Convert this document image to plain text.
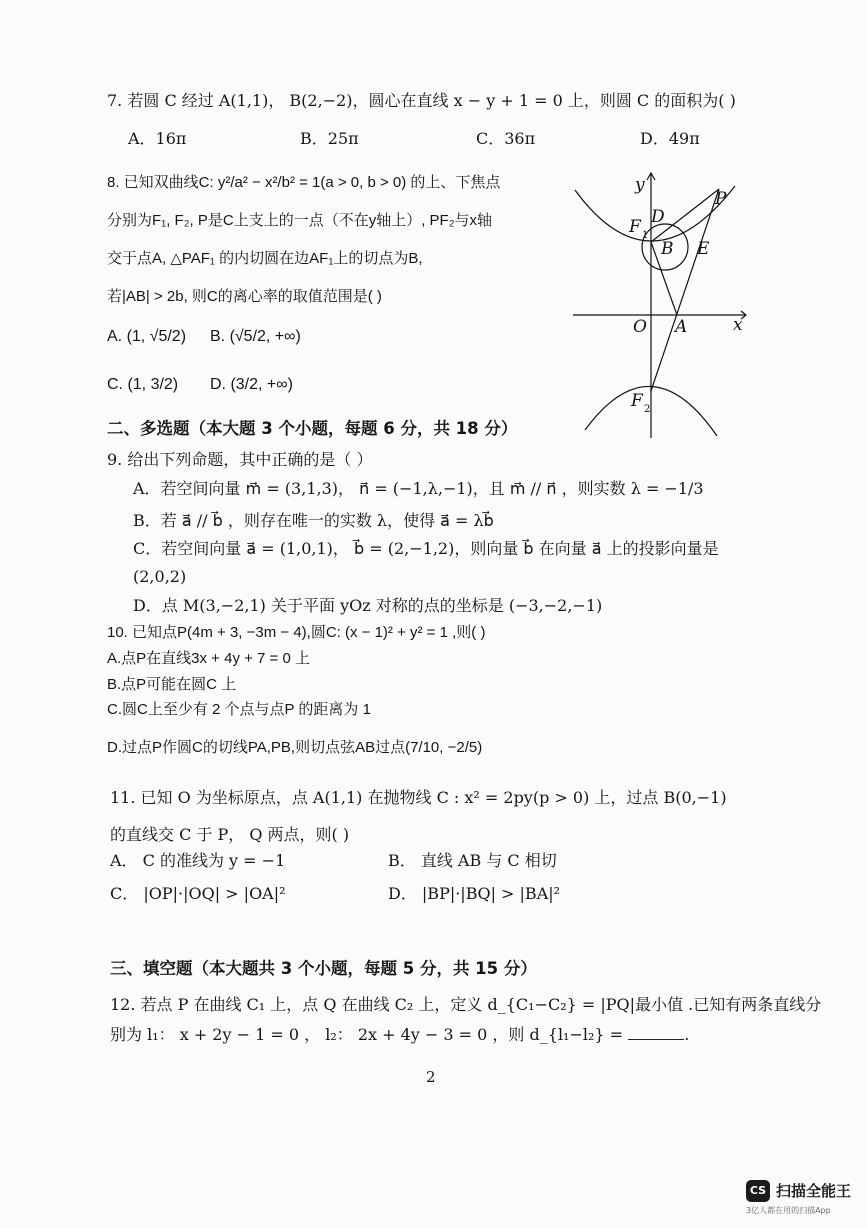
7. 若圆 C 经过 A(1,1)， B(2,−2)，圆心在直线 x − y + 1 = 0 上，则圆 C 的面积为( )
A．16π	B．25π	C．36π	D．49π
8. 已知双曲线C: y²/a² − x²/b² = 1(a > 0, b > 0) 的上、下焦点
分别为F₁, F₂, P是C上支上的一点（不在y轴上）, PF₂与x轴
交于点A, △PAF₁ 的内切圆在边AF₁上的切点为B,
若|AB| > 2b, 则C的离心率的取值范围是( )
A. (1, √5/2) B. (√5/2, +∞)
C. (1, 3/2) D. (3/2, +∞)
y
x
O A
P
D
B E
F 1
F 2
二、多选题（本大题 3 个小题，每题 6 分，共 18 分）
9. 给出下列命题，其中正确的是（ ）
A．若空间向量 m⃗ = (3,1,3)， n⃗ = (−1,λ,−1)，且 m⃗ // n⃗ ，则实数 λ = −1/3
B．若 a⃗ // b⃗ ，则存在唯一的实数 λ，使得 a⃗ = λb⃗
C．若空间向量 a⃗ = (1,0,1)， b⃗ = (2,−1,2)，则向量 b⃗ 在向量 a⃗ 上的投影向量是
(2,0,2)
D．点 M(3,−2,1) 关于平面 yOz 对称的点的坐标是 (−3,−2,−1)
10. 已知点P(4m + 3, −3m − 4),圆C: (x − 1)² + y² = 1 ,则( )
A.点P在直线3x + 4y + 7 = 0 上
B.点P可能在圆C 上
C.圆C上至少有 2 个点与点P 的距离为 1
D.过点P作圆C的切线PA,PB,则切点弦AB过点(7/10, −2/5)
11. 已知 O 为坐标原点，点 A(1,1) 在抛物线 C : x² = 2py(p > 0) 上，过点 B(0,−1)
的直线交 C 于 P， Q 两点，则( )
A． C 的准线为 y = −1	B． 直线 AB 与 C 相切
C． |OP|·|OQ| > |OA|²	D． |BP|·|BQ| > |BA|²
三、填空题（本大题共 3 个小题，每题 5 分，共 15 分）
12. 若点 P 在曲线 C₁ 上，点 Q 在曲线 C₂ 上，定义 d_{C₁−C₂} = |PQ|最小值 .已知有两条直线分
别为 l₁： x + 2y − 1 = 0 ， l₂： 2x + 4y − 3 = 0 ，则 d_{l₁−l₂} =	.
2
CS 扫描全能王
3亿人都在用的扫描App
